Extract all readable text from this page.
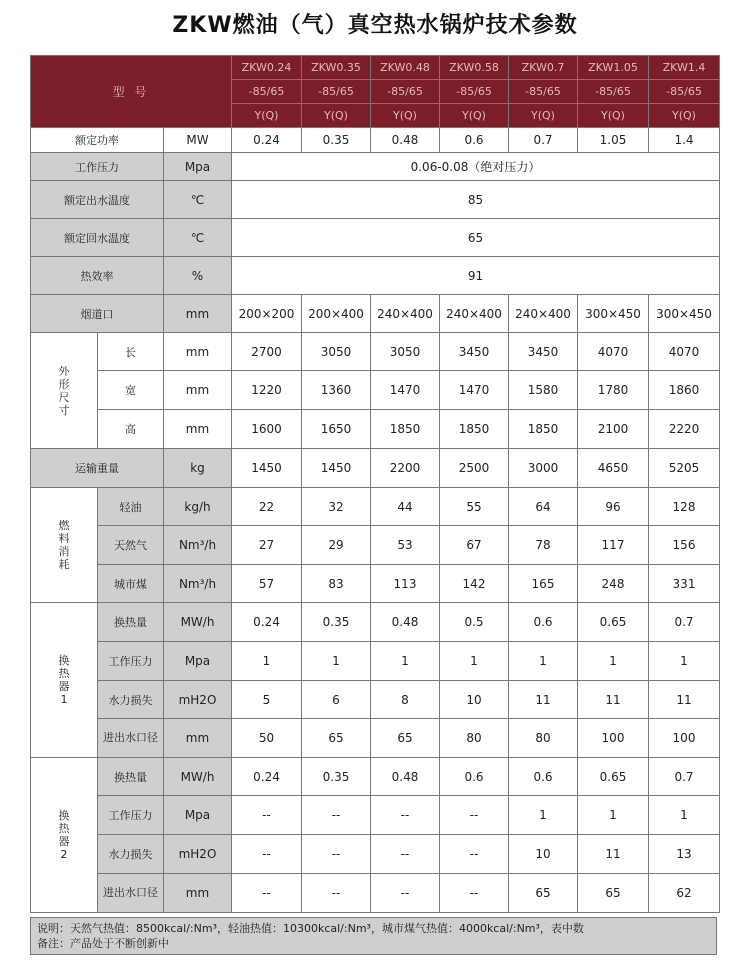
ZKW燃油（气）真空热水锅炉技术参数
型 号			ZKW0.24	ZKW0.35	ZKW0.48	ZKW0.58	ZKW0.7	ZKW1.05	ZKW1.4
			-85/65	-85/65	-85/65	-85/65	-85/65	-85/65	-85/65
			Y(Q)	Y(Q)	Y(Q)	Y(Q)	Y(Q)	Y(Q)	Y(Q)
额定功率		MW	0.24	0.35	0.48	0.6	0.7	1.05	1.4
工作压力		Mpa	0.06-0.08（绝对压力）						
额定出水温度		℃	85						
额定回水温度		℃	65						
热效率		%	91						
烟道口		mm	200×200	200×400	240×400	240×400	240×400	300×450	300×450

外
形
尺
寸	长	mm	2700	3050	3050	3450	3450	4070	4070
	宽	mm	1220	1360	1470	1470	1580	1780	1860
	高	mm	1600	1650	1850	1850	1850	2100	2220
运输重量		kg	1450	1450	2200	2500	3000	4650	5205

燃
料
消
耗	轻油	kg/h	22	32	44	55	64	96	128
	天然气	Nm³/h	27	29	53	67	78	117	156
	城市煤	Nm³/h	57	83	113	142	165	248	331

换
热
器
1	换热量	MW/h	0.24	0.35	0.48	0.5	0.6	0.65	0.7
	工作压力	Mpa	1	1	1	1	1	1	1
	水力损失	mH2O	5	6	8	10	11	11	11
	进出水口径	mm	50	65	65	80	80	100	100

换
热
器
2	换热量	MW/h	0.24	0.35	0.48	0.6	0.6	0.65	0.7
	工作压力	Mpa	--	--	--	--	1	1	1
	水力损失	mH2O	--	--	--	--	10	11	13
	进出水口径	mm	--	--	--	--	65	65	62
说明：天然气热值：8500kcal/:Nm³，轻油热值：10300kcal/:Nm³，城市煤气热值：4000kcal/:Nm³，表中数
备注：产品处于不断创新中
